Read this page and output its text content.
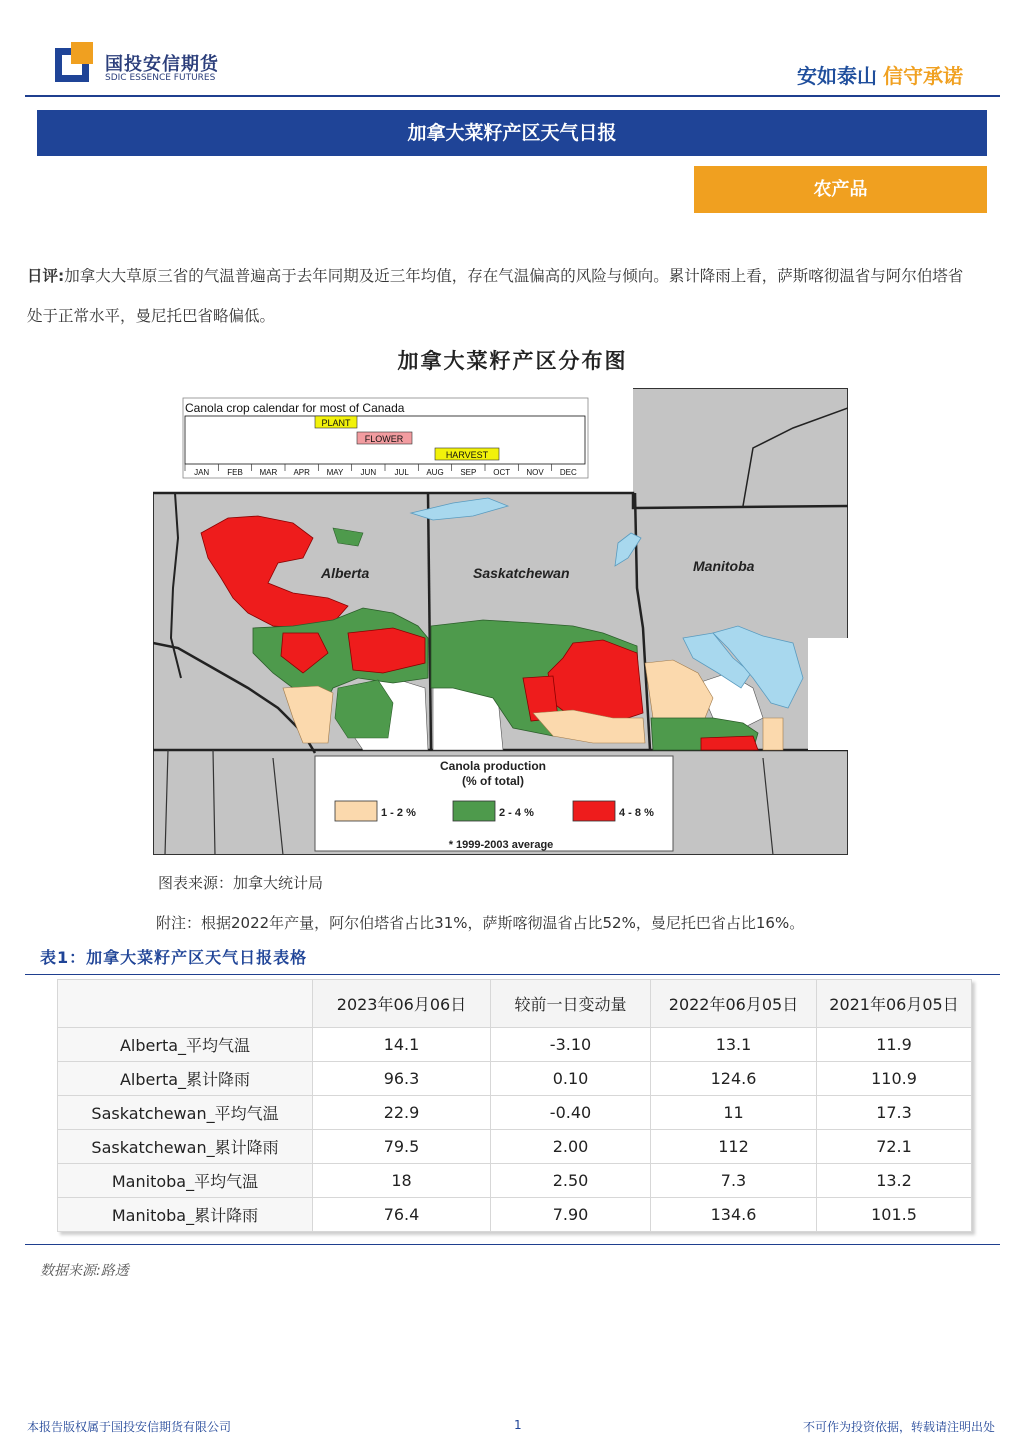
国投安信期货
SDIC ESSENCE FUTURES	安如泰山 信守承诺
加拿大菜籽产区天气日报
农产品
日评:加拿大大草原三省的气温普遍高于去年同期及近三年均值，存在气温偏高的风险与倾向。累计降雨上看，萨斯喀彻温省与阿尔伯塔省处于正常水平，曼尼托巴省略偏低。
加拿大菜籽产区分布图
Canola crop calendar for most of Canada
JAN FEB MAR APR MAY JUN JUL AUG SEP OCT NOV DEC
PLANT
FLOWER
HARVEST
Alberta	Saskatchewan	Manitoba
Canola production
(% of total)
1 - 2 %	2 - 4 %	4 - 8 %
* 1999-2003 average
图表来源：加拿大统计局
附注：根据2022年产量，阿尔伯塔省占比31%，萨斯喀彻温省占比52%，曼尼托巴省占比16%。
表1：加拿大菜籽产区天气日报表格
	2023年06月06日	较前一日变动量	2022年06月05日	2021年06月05日
Alberta_平均气温	14.1	-3.10	13.1	11.9
Alberta_累计降雨	96.3	0.10	124.6	110.9
Saskatchewan_平均气温	22.9	-0.40	11	17.3
Saskatchewan_累计降雨	79.5	2.00	112	72.1
Manitoba_平均气温	18	2.50	7.3	13.2
Manitoba_累计降雨	76.4	7.90	134.6	101.5
数据来源:路透
本报告版权属于国投安信期货有限公司	1	不可作为投资依据，转载请注明出处
